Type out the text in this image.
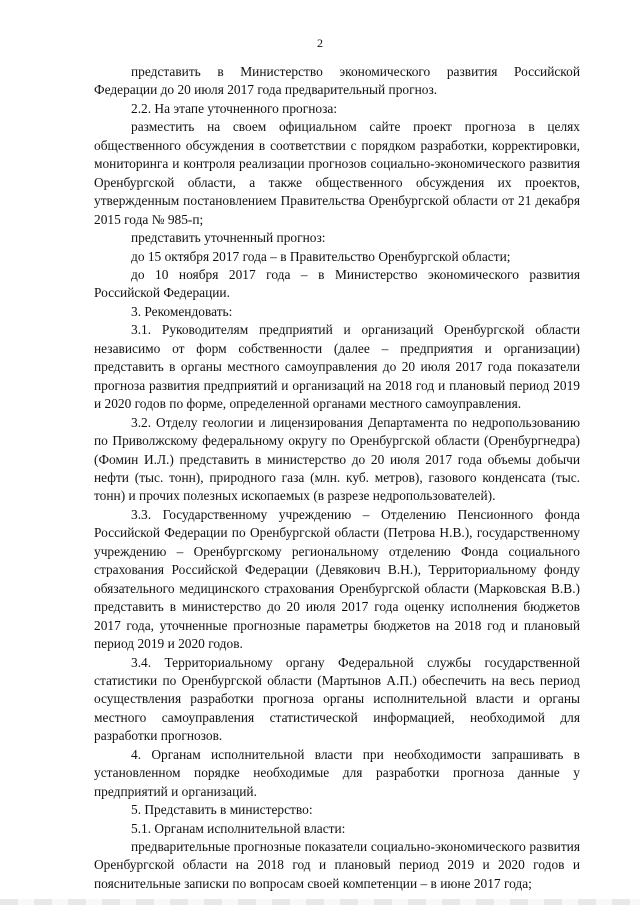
2

представить в Министерство экономического развития Российской Федерации до 20 июля 2017 года предварительный прогноз.

2.2. На этапе уточненного прогноза:

разместить на своем официальном сайте проект прогноза в целях общественного обсуждения в соответствии с порядком разработки, корректировки, мониторинга и контроля реализации прогнозов социально-экономического развития Оренбургской области, а также общественного обсуждения их проектов, утвержденным постановлением Правительства Оренбургской области от 21 декабря 2015 года № 985-п;

представить уточненный прогноз:

до 15 октября 2017 года – в Правительство Оренбургской области;

до 10 ноября 2017 года – в Министерство экономического развития Российской Федерации.

3. Рекомендовать:

3.1. Руководителям предприятий и организаций Оренбургской области независимо от форм собственности (далее – предприятия и организации) представить в органы местного самоуправления до 20 июля 2017 года показатели прогноза развития предприятий и организаций на 2018 год и плановый период 2019 и 2020 годов по форме, определенной органами местного самоуправления.

3.2. Отделу геологии и лицензирования Департамента по недропользованию по Приволжскому федеральному округу по Оренбургской области (Оренбургнедра) (Фомин И.Л.) представить в министерство до 20 июля 2017 года объемы добычи нефти (тыс. тонн), природного газа (млн. куб. метров), газового конденсата (тыс. тонн) и прочих полезных ископаемых (в разрезе недропользователей).

3.3. Государственному учреждению – Отделению Пенсионного фонда Российской Федерации по Оренбургской области (Петрова Н.В.), государственному учреждению – Оренбургскому региональному отделению Фонда социального страхования Российской Федерации (Девякович В.Н.), Территориальному фонду обязательного медицинского страхования Оренбургской области (Марковская В.В.) представить в министерство до 20 июля 2017 года оценку исполнения бюджетов 2017 года, уточненные прогнозные параметры бюджетов на 2018 год и плановый период 2019 и 2020 годов.

3.4. Территориальному органу Федеральной службы государственной статистики по Оренбургской области (Мартынов А.П.) обеспечить на весь период осуществления разработки прогноза органы исполнительной власти и органы местного самоуправления статистической информацией, необходимой для разработки прогнозов.

4. Органам исполнительной власти при необходимости запрашивать в установленном порядке необходимые для разработки прогноза данные у предприятий и организаций.

5. Представить в министерство:

5.1. Органам исполнительной власти:

предварительные прогнозные показатели социально-экономического развития Оренбургской области на 2018 год и плановый период 2019 и 2020 годов и пояснительные записки по вопросам своей компетенции – в июне 2017 года;
